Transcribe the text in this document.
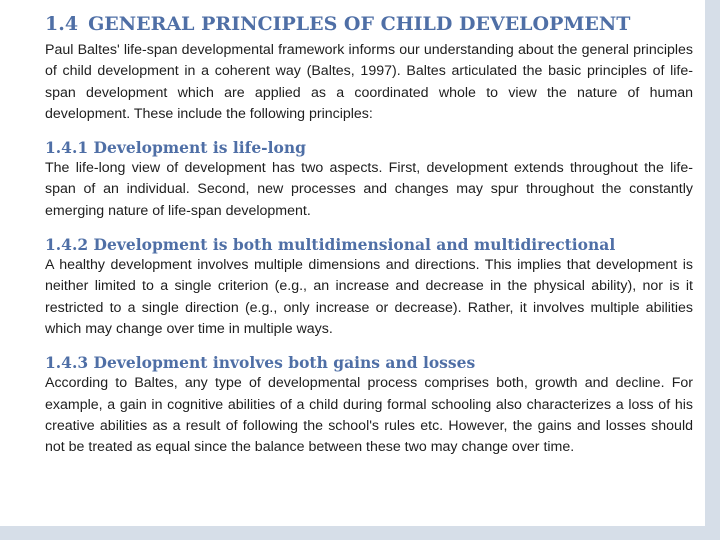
1.4 GENERAL PRINCIPLES OF CHILD DEVELOPMENT

Paul Baltes' life-span developmental framework informs our understanding about the general principles of child development in a coherent way (Baltes, 1997). Baltes articulated the basic principles of life-span development which are applied as a coordinated whole to view the nature of human development. These include the following principles:

1.4.1 Development is life-long

The life-long view of development has two aspects. First, development extends throughout the life-span of an individual. Second, new processes and changes may spur throughout the constantly emerging nature of life-span development.

1.4.2 Development is both multidimensional and multidirectional

A healthy development involves multiple dimensions and directions. This implies that development is neither limited to a single criterion (e.g., an increase and decrease in the physical ability), nor is it restricted to a single direction (e.g., only increase or decrease). Rather, it involves multiple abilities which may change over time in multiple ways.

1.4.3 Development involves both gains and losses

According to Baltes, any type of developmental process comprises both, growth and decline. For example, a gain in cognitive abilities of a child during formal schooling also characterizes a loss of his creative abilities as a result of following the school's rules etc. However, the gains and losses should not be treated as equal since the balance between these two may change over time.
